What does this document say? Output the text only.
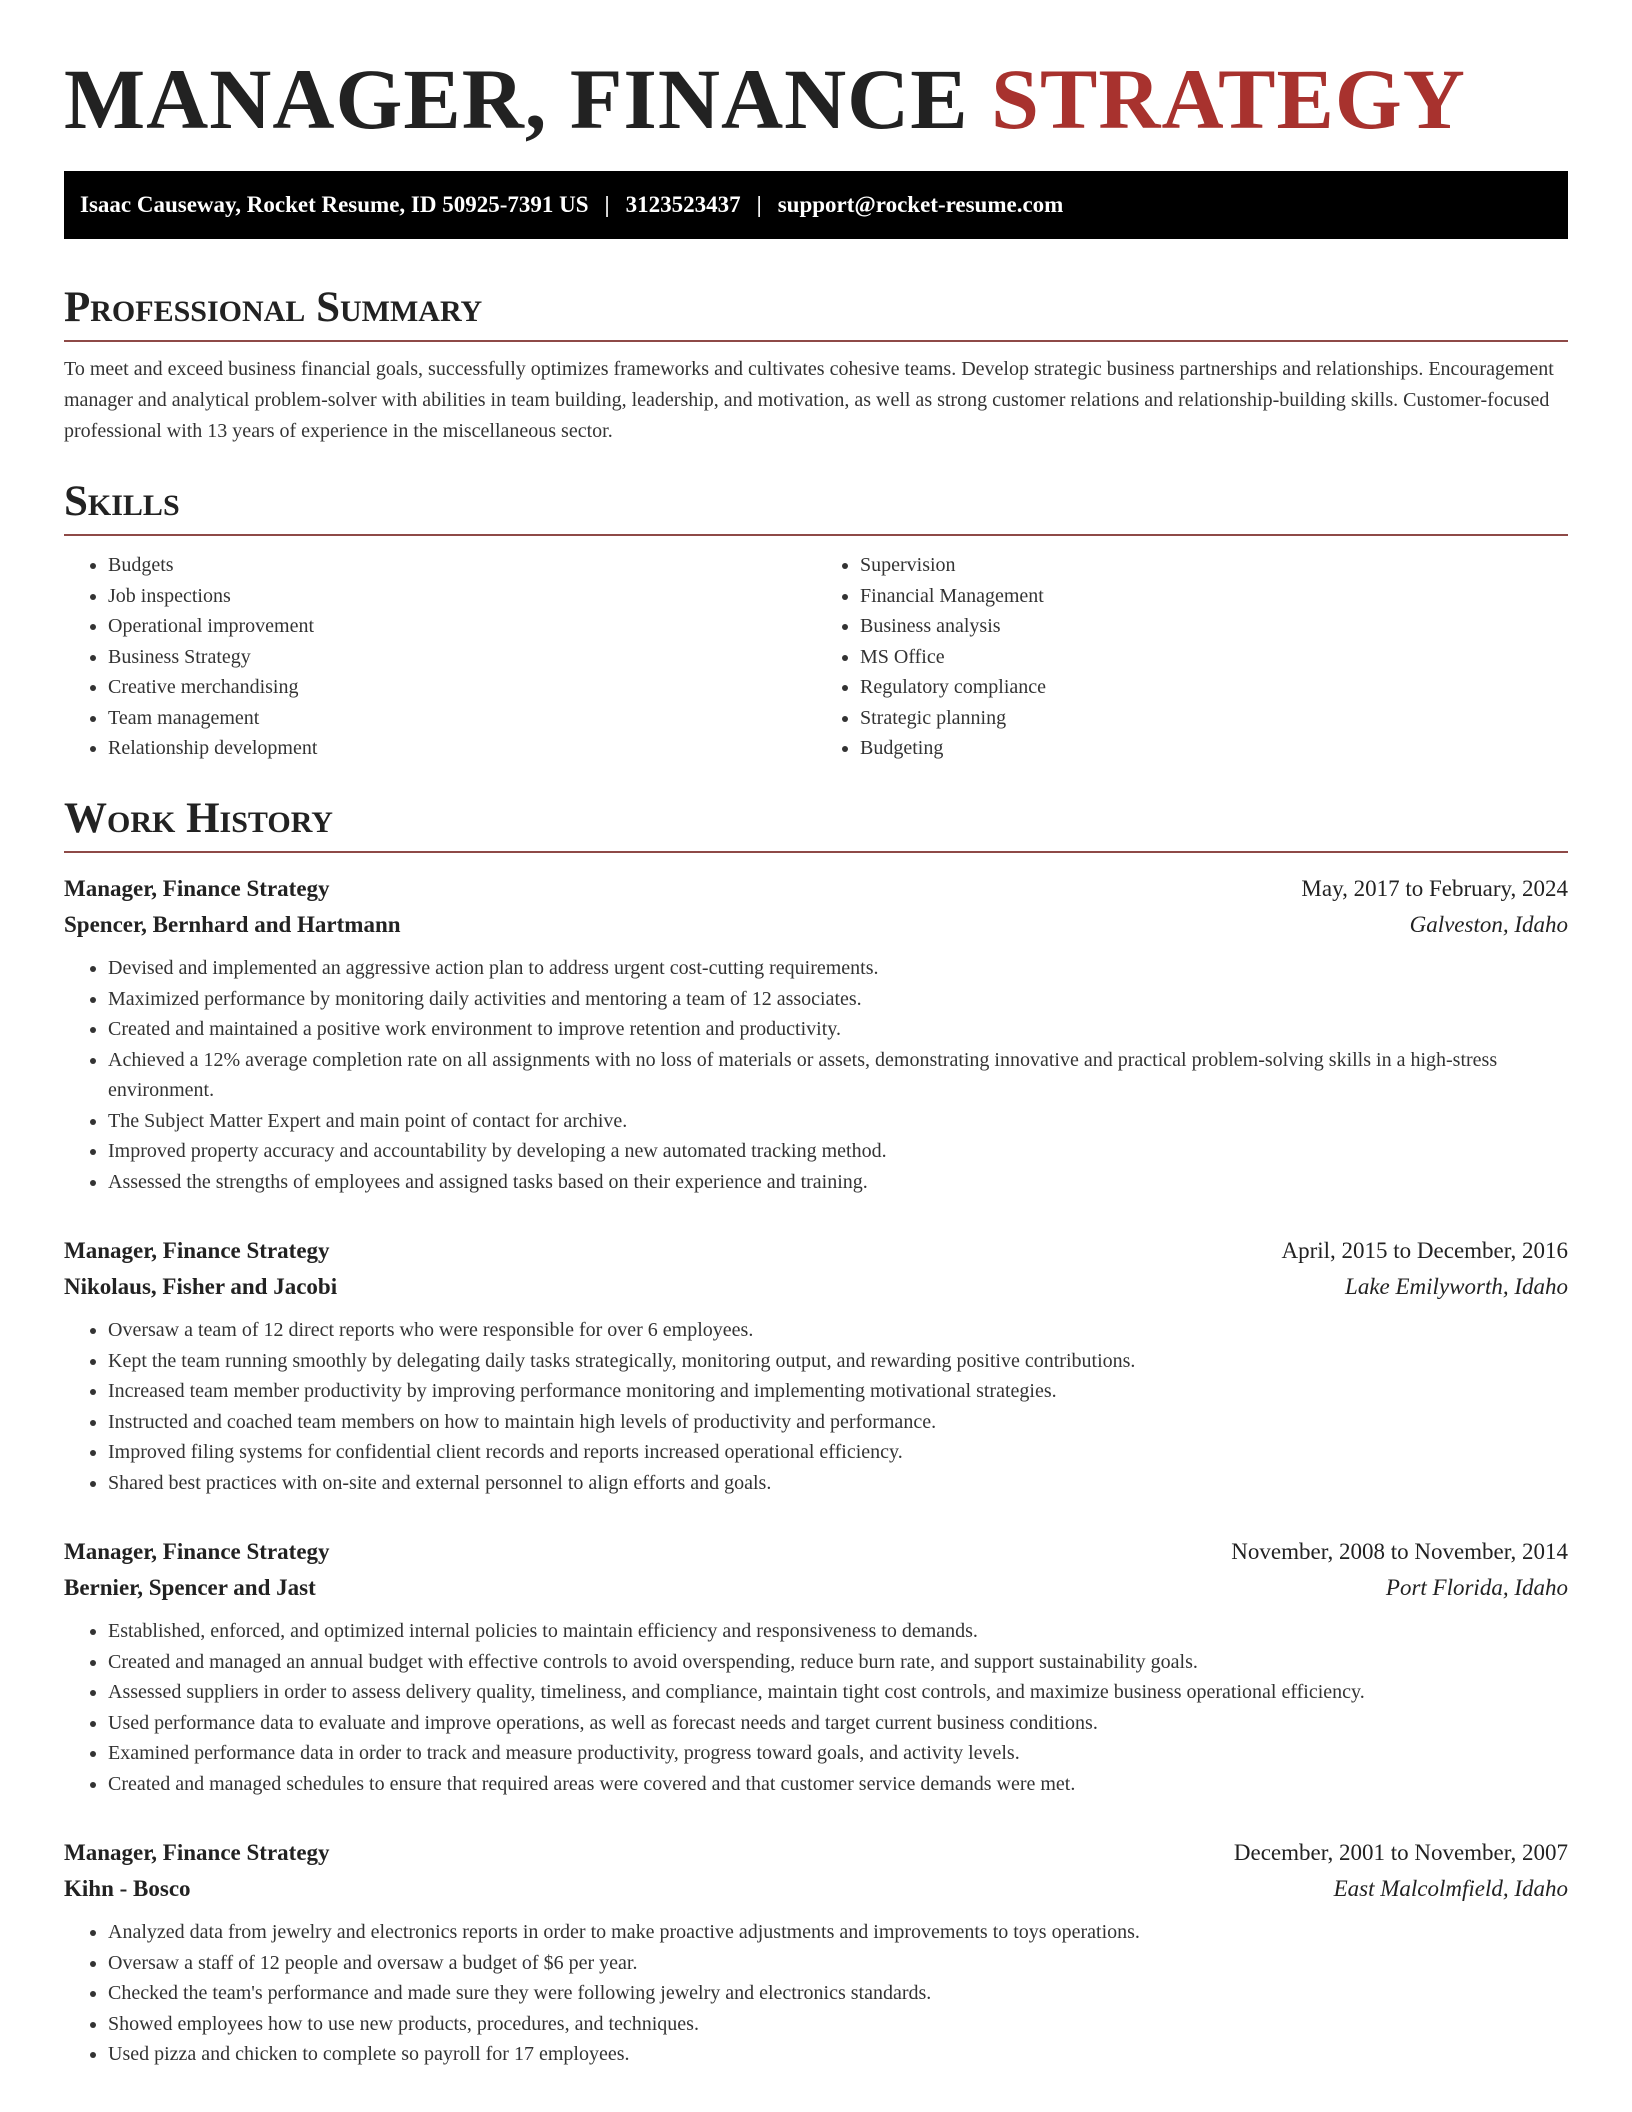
MANAGER, FINANCE STRATEGY
Isaac Causeway, Rocket Resume, ID 50925-7391 US | 3123523437 | support@rocket-resume.com
Professional Summary

To meet and exceed business financial goals, successfully optimizes frameworks and cultivates cohesive teams. Develop strategic business partnerships and relationships. Encouragement manager and analytical problem-solver with abilities in team building, leadership, and motivation, as well as strong customer relations and relationship-building skills. Customer-focused professional with 13 years of experience in the miscellaneous sector.

Skills
• Budgets
• Job inspections
• Operational improvement
• Business Strategy
• Creative merchandising
• Team management
• Relationship development
• Supervision
• Financial Management
• Business analysis
• MS Office
• Regulatory compliance
• Strategic planning
• Budgeting
Work History
Manager, Finance Strategy	May, 2017 to February, 2024
Spencer, Bernhard and Hartmann	Galveston, Idaho
• Devised and implemented an aggressive action plan to address urgent cost-cutting requirements.
• Maximized performance by monitoring daily activities and mentoring a team of 12 associates.
• Created and maintained a positive work environment to improve retention and productivity.
• Achieved a 12% average completion rate on all assignments with no loss of materials or assets, demonstrating innovative and practical problem-solving skills in a high-stress environment.
• The Subject Matter Expert and main point of contact for archive.
• Improved property accuracy and accountability by developing a new automated tracking method.
• Assessed the strengths of employees and assigned tasks based on their experience and training.
Manager, Finance Strategy	April, 2015 to December, 2016
Nikolaus, Fisher and Jacobi	Lake Emilyworth, Idaho
• Oversaw a team of 12 direct reports who were responsible for over 6 employees.
• Kept the team running smoothly by delegating daily tasks strategically, monitoring output, and rewarding positive contributions.
• Increased team member productivity by improving performance monitoring and implementing motivational strategies.
• Instructed and coached team members on how to maintain high levels of productivity and performance.
• Improved filing systems for confidential client records and reports increased operational efficiency.
• Shared best practices with on-site and external personnel to align efforts and goals.
Manager, Finance Strategy	November, 2008 to November, 2014
Bernier, Spencer and Jast	Port Florida, Idaho
• Established, enforced, and optimized internal policies to maintain efficiency and responsiveness to demands.
• Created and managed an annual budget with effective controls to avoid overspending, reduce burn rate, and support sustainability goals.
• Assessed suppliers in order to assess delivery quality, timeliness, and compliance, maintain tight cost controls, and maximize business operational efficiency.
• Used performance data to evaluate and improve operations, as well as forecast needs and target current business conditions.
• Examined performance data in order to track and measure productivity, progress toward goals, and activity levels.
• Created and managed schedules to ensure that required areas were covered and that customer service demands were met.
Manager, Finance Strategy	December, 2001 to November, 2007
Kihn - Bosco	East Malcolmfield, Idaho
• Analyzed data from jewelry and electronics reports in order to make proactive adjustments and improvements to toys operations.
• Oversaw a staff of 12 people and oversaw a budget of $6 per year.
• Checked the team's performance and made sure they were following jewelry and electronics standards.
• Showed employees how to use new products, procedures, and techniques.
• Used pizza and chicken to complete so payroll for 17 employees.
